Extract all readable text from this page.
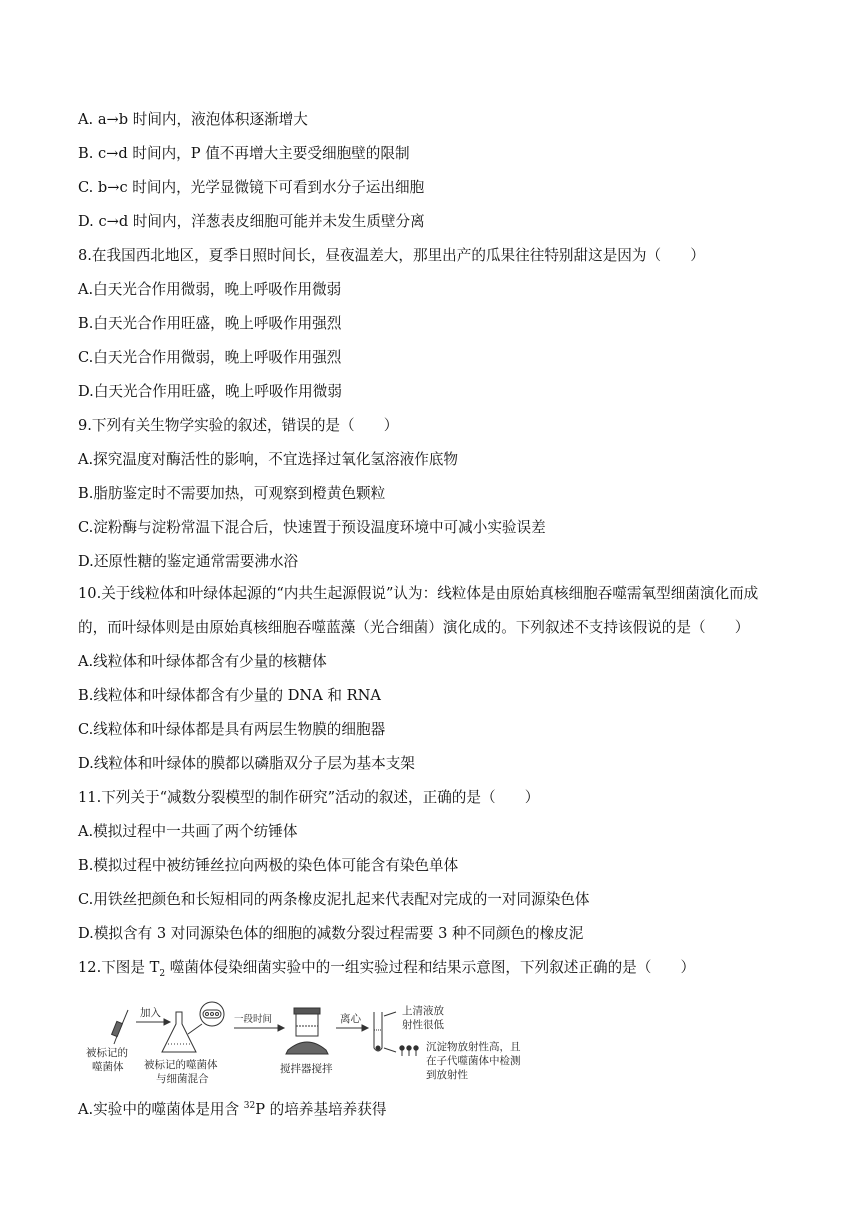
A. a→b 时间内，液泡体积逐渐增大
B. c→d 时间内，P 值不再增大主要受细胞壁的限制
C. b→c 时间内，光学显微镜下可看到水分子运出细胞
D. c→d 时间内，洋葱表皮细胞可能并未发生质壁分离
8.在我国西北地区，夏季日照时间长，昼夜温差大，那里出产的瓜果往往特别甜这是因为（　　）
A.白天光合作用微弱，晚上呼吸作用微弱
B.白天光合作用旺盛，晚上呼吸作用强烈
C.白天光合作用微弱，晚上呼吸作用强烈
D.白天光合作用旺盛，晚上呼吸作用微弱
9.下列有关生物学实验的叙述，错误的是（　　）
A.探究温度对酶活性的影响，不宜选择过氧化氢溶液作底物
B.脂肪鉴定时不需要加热，可观察到橙黄色颗粒
C.淀粉酶与淀粉常温下混合后，快速置于预设温度环境中可减小实验误差
D.还原性糖的鉴定通常需要沸水浴
10.关于线粒体和叶绿体起源的“内共生起源假说”认为：线粒体是由原始真核细胞吞噬需氧型细菌演化而成
的，而叶绿体则是由原始真核细胞吞噬蓝藻（光合细菌）演化成的。下列叙述不支持该假说的是（　　）
A.线粒体和叶绿体都含有少量的核糖体
B.线粒体和叶绿体都含有少量的 DNA 和 RNA
C.线粒体和叶绿体都是具有两层生物膜的细胞器
D.线粒体和叶绿体的膜都以磷脂双分子层为基本支架
11.下列关于“减数分裂模型的制作研究”活动的叙述，正确的是（　　）
A.模拟过程中一共画了两个纺锤体
B.模拟过程中被纺锤丝拉向两极的染色体可能含有染色单体
C.用铁丝把颜色和长短相同的两条橡皮泥扎起来代表配对完成的一对同源染色体
D.模拟含有 3 对同源染色体的细胞的减数分裂过程需要 3 种不同颜色的橡皮泥
12.下图是 $T_2$ 噬菌体侵染细菌实验中的一组实验过程和结果示意图，下列叙述正确的是（　　）
被标记的
噬菌体
加入
被标记的噬菌体
与细菌混合
一段时间
搅拌器搅拌
离心
上清液放
射性很低
沉淀物放射性高，且
在子代噬菌体中检测
到放射性
A.实验中的噬菌体是用含 $^{32}$P 的培养基培养获得
